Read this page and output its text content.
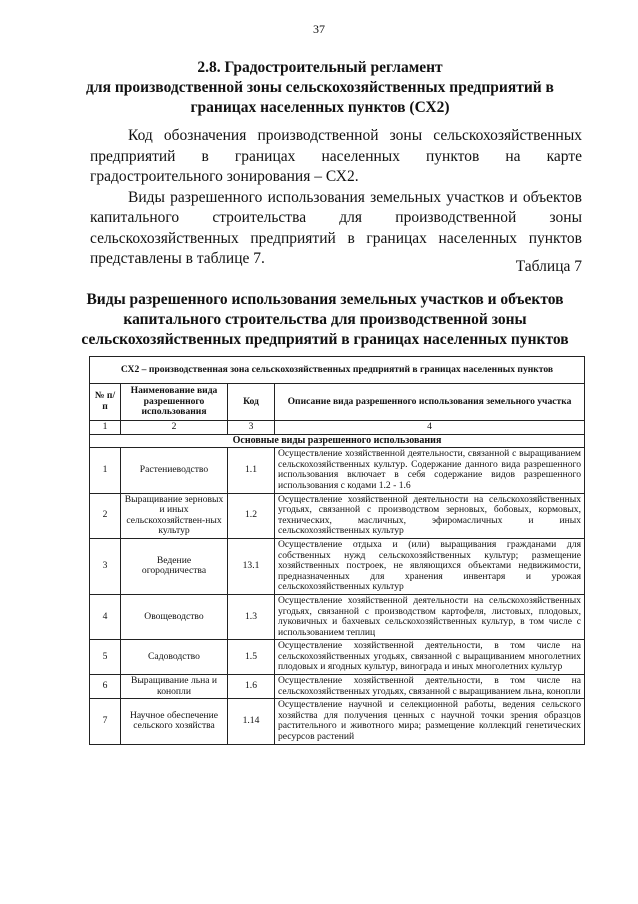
37
2.8. Градостроительный регламент
для производственной зоны сельскохозяйственных предприятий в
границах населенных пунктов (СХ2)

Код обозначения производственной зоны сельскохозяйственных предприятий в границах населенных пунктов на карте градостроительного зонирования – СХ2.

Виды разрешенного использования земельных участков и объектов капитального строительства для производственной зоны сельскохозяйственных предприятий в границах населенных пунктов представлены в таблице 7.	Таблица 7
Виды разрешенного использования земельных участков и объектов
капитального строительства для производственной зоны
сельскохозяйственных предприятий в границах населенных пунктов
СХ2 – производственная зона сельскохозяйственных предприятий в границах населенных пунктов			
№ п/п	Наименование вида разрешенного использования	Код	Описание вида разрешенного использования земельного участка
1	2	3	4
Основные виды разрешенного использования			
1	Растениеводство	1.1	Осуществление хозяйственной деятельности, связанной с выращиванием сельскохозяйственных культур. Содержание данного вида разрешенного использования включает в себя содержание видов разрешенного использования с кодами 1.2 - 1.6
2	Выращивание зерновых и иных сельскохозяйствен-ных культур	1.2	Осуществление хозяйственной деятельности на сельскохозяйственных угодьях, связанной с производством зерновых, бобовых, кормовых, технических, масличных, эфиромасличных и иных сельскохозяйственных культур
3	Ведение огородничества	13.1	Осуществление отдыха и (или) выращивания гражданами для собственных нужд сельскохозяйственных культур; размещение хозяйственных построек, не являющихся объектами недвижимости, предназначенных для хранения инвентаря и урожая сельскохозяйственных культур
4	Овощеводство	1.3	Осуществление хозяйственной деятельности на сельскохозяйственных угодьях, связанной с производством картофеля, листовых, плодовых, луковичных и бахчевых сельскохозяйственных культур, в том числе с использованием теплиц
5	Садоводство	1.5	Осуществление хозяйственной деятельности, в том числе на сельскохозяйственных угодьях, связанной с выращиванием многолетних плодовых и ягодных культур, винограда и иных многолетних культур
6	Выращивание льна и конопли	1.6	Осуществление хозяйственной деятельности, в том числе на сельскохозяйственных угодьях, связанной с выращиванием льна, конопли
7	Научное обеспечение сельского хозяйства	1.14	Осуществление научной и селекционной работы, ведения сельского хозяйства для получения ценных с научной точки зрения образцов растительного и животного мира; размещение коллекций генетических ресурсов растений
